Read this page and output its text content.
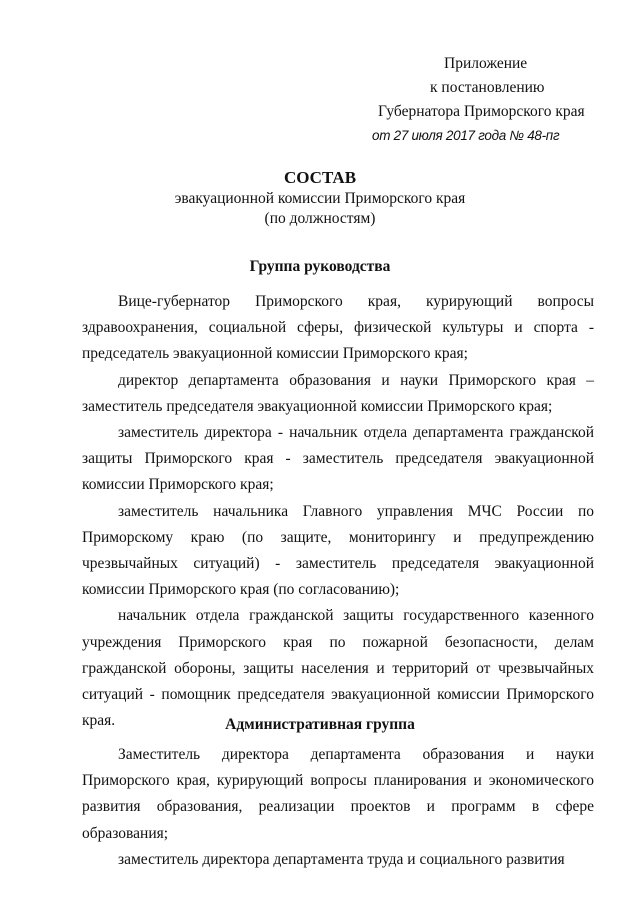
Приложение
к постановлению
Губернатора Приморского края
от 27 июля 2017 года № 48-пг
СОСТАВ
эвакуационной комиссии Приморского края
(по должностям)
Группа руководства

Вице-губернатор Приморского края, курирующий вопросы здравоохранения, социальной сферы, физической культуры и спорта - председатель эвакуационной комиссии Приморского края;

директор департамента образования и науки Приморского края – заместитель председателя эвакуационной комиссии Приморского края;

заместитель директора - начальник отдела департамента гражданской защиты Приморского края - заместитель председателя эвакуационной комиссии Приморского края;

заместитель начальника Главного управления МЧС России по Приморскому краю (по защите, мониторингу и предупреждению чрезвычайных ситуаций) - заместитель председателя эвакуационной комиссии Приморского края (по согласованию);

начальник отдела гражданской защиты государственного казенного учреждения Приморского края по пожарной безопасности, делам гражданской обороны, защиты населения и территорий от чрезвычайных ситуаций - помощник председателя эвакуационной комиссии Приморского края.	Административная группа

Заместитель директора департамента образования и науки Приморского края, курирующий вопросы планирования и экономического развития образования, реализации проектов и программ в сфере образования;

заместитель директора департамента труда и социального развития
